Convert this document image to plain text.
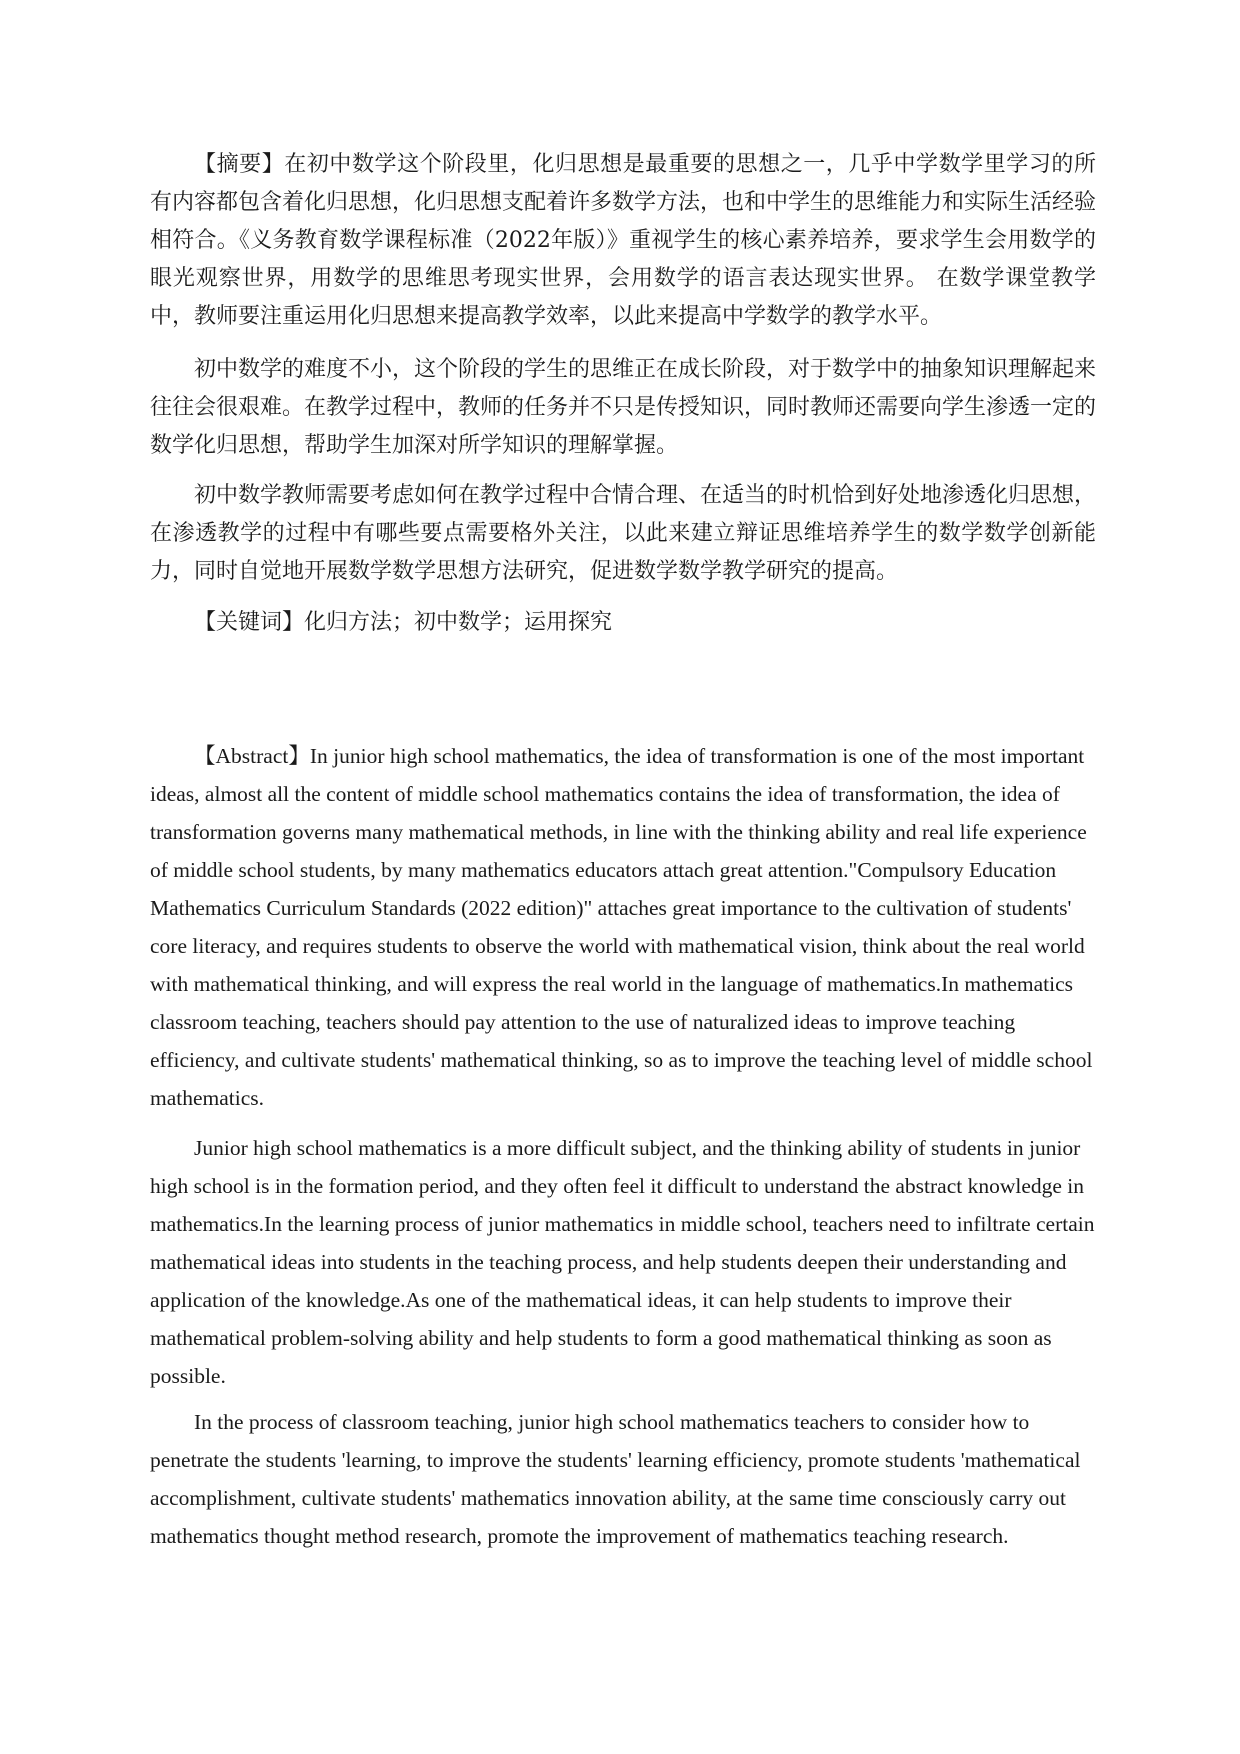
【摘要】在初中数学这个阶段里，化归思想是最重要的思想之一，几乎中学数学里学习的所有内容都包含着化归思想，化归思想支配着许多数学方法，也和中学生的思维能力和实际生活经验相符合。《义务教育数学课程标准（2022年版）》重视学生的核心素养培养，要求学生会用数学的眼光观察世界，用数学的思维思考现实世界，会用数学的语言表达现实世界。 在数学课堂教学中，教师要注重运用化归思想来提高教学效率，以此来提高中学数学的教学水平。

初中数学的难度不小，这个阶段的学生的思维正在成长阶段，对于数学中的抽象知识理解起来往往会很艰难。在教学过程中，教师的任务并不只是传授知识，同时教师还需要向学生渗透一定的数学化归思想，帮助学生加深对所学知识的理解掌握。

初中数学教师需要考虑如何在教学过程中合情合理、在适当的时机恰到好处地渗透化归思想，在渗透教学的过程中有哪些要点需要格外关注，以此来建立辩证思维培养学生的数学数学创新能力，同时自觉地开展数学数学思想方法研究，促进数学数学教学研究的提高。

【关键词】化归方法；初中数学；运用探究

【Abstract】In junior high school mathematics, the idea of transformation is one of the most important ideas, almost all the content of middle school mathematics contains the idea of transformation, the idea of transformation governs many mathematical methods, in line with the thinking ability and real life experience of middle school students, by many mathematics educators attach great attention."Compulsory Education Mathematics Curriculum Standards (2022 edition)" attaches great importance to the cultivation of students' core literacy, and requires students to observe the world with mathematical vision, think about the real world with mathematical thinking, and will express the real world in the language of mathematics.In mathematics classroom teaching, teachers should pay attention to the use of naturalized ideas to improve teaching efficiency, and cultivate students' mathematical thinking, so as to improve the teaching level of middle school mathematics.

Junior high school mathematics is a more difficult subject, and the thinking ability of students in junior high school is in the formation period, and they often feel it difficult to understand the abstract knowledge in mathematics.In the learning process of junior mathematics in middle school, teachers need to infiltrate certain mathematical ideas into students in the teaching process, and help students deepen their understanding and application of the knowledge.As one of the mathematical ideas, it can help students to improve their mathematical problem-solving ability and help students to form a good mathematical thinking as soon as possible.

In the process of classroom teaching, junior high school mathematics teachers to consider how to penetrate the students 'learning, to improve the students' learning efficiency, promote students 'mathematical accomplishment, cultivate students' mathematics innovation ability, at the same time consciously carry out mathematics thought method research, promote the improvement of mathematics teaching research.
